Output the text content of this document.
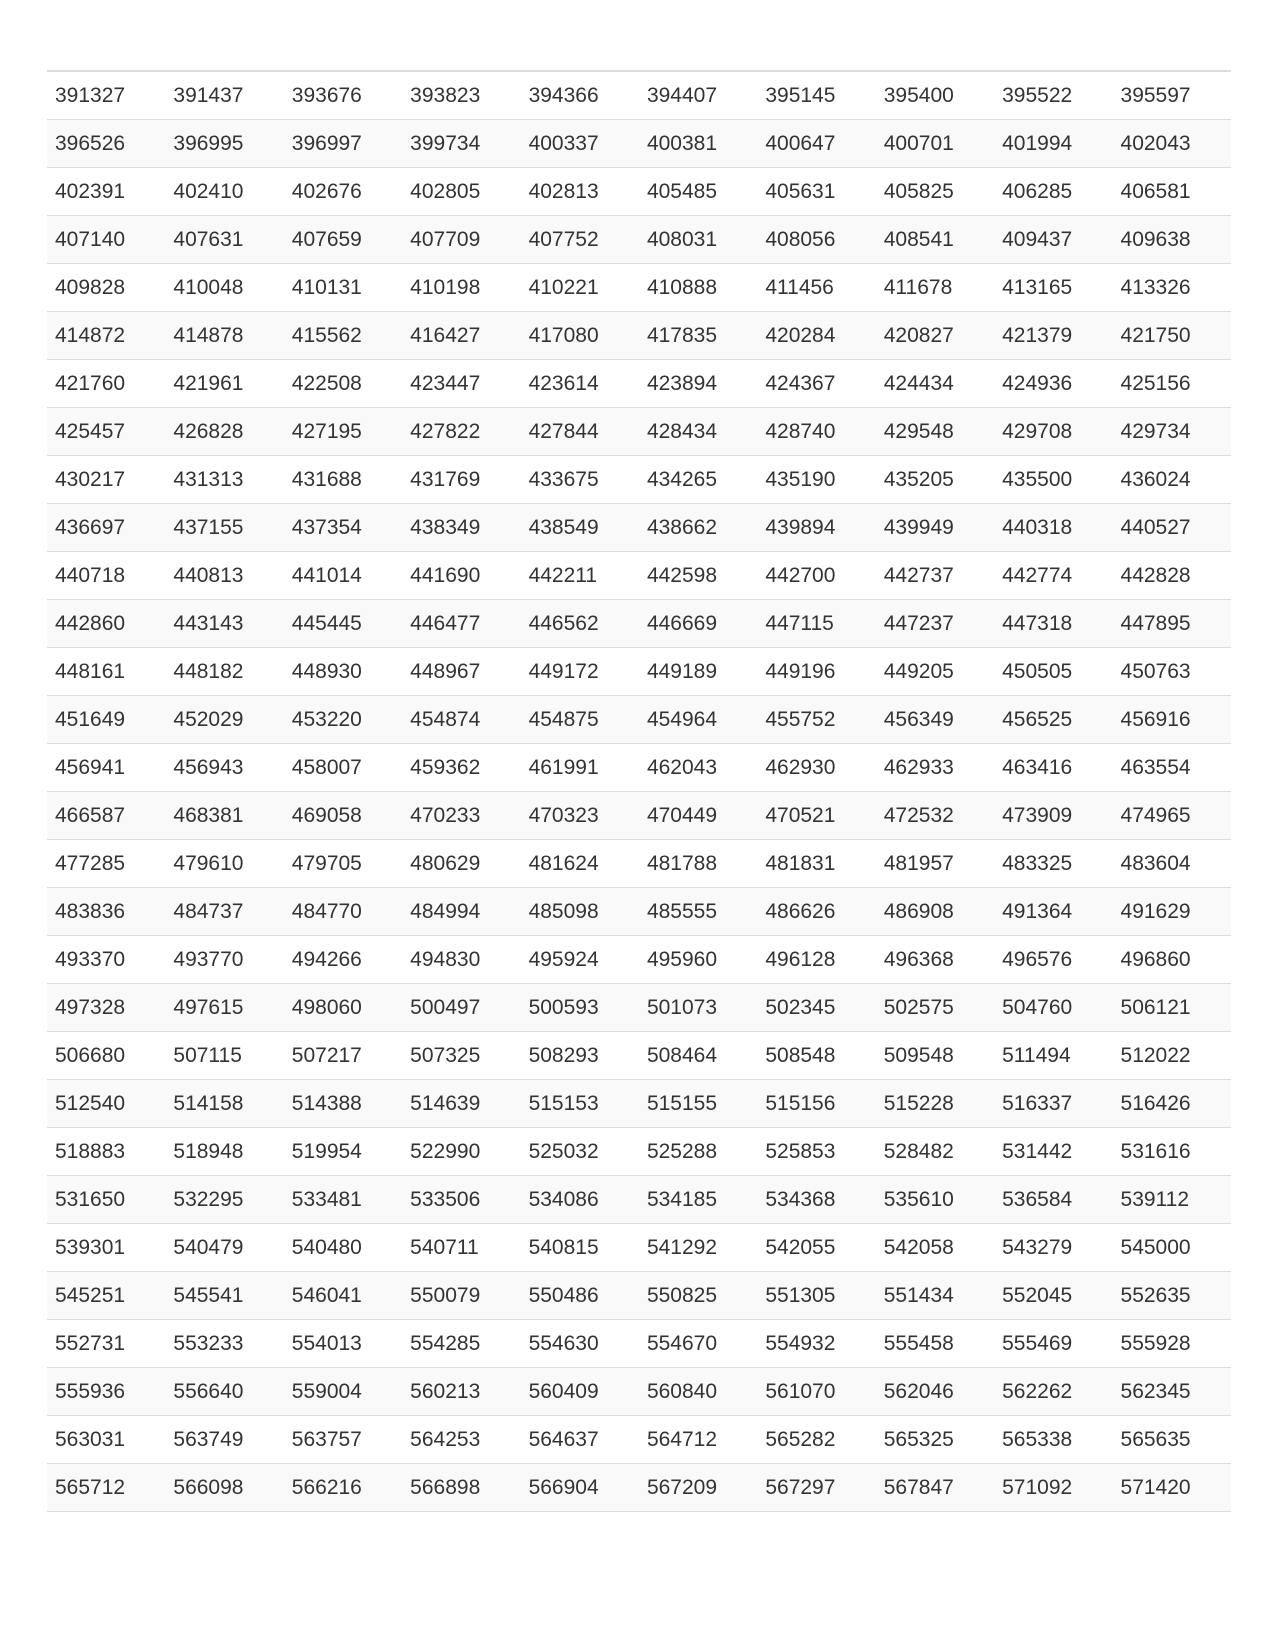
391327	391437	393676	393823	394366	394407	395145	395400	395522	395597
396526	396995	396997	399734	400337	400381	400647	400701	401994	402043
402391	402410	402676	402805	402813	405485	405631	405825	406285	406581
407140	407631	407659	407709	407752	408031	408056	408541	409437	409638
409828	410048	410131	410198	410221	410888	411456	411678	413165	413326
414872	414878	415562	416427	417080	417835	420284	420827	421379	421750
421760	421961	422508	423447	423614	423894	424367	424434	424936	425156
425457	426828	427195	427822	427844	428434	428740	429548	429708	429734
430217	431313	431688	431769	433675	434265	435190	435205	435500	436024
436697	437155	437354	438349	438549	438662	439894	439949	440318	440527
440718	440813	441014	441690	442211	442598	442700	442737	442774	442828
442860	443143	445445	446477	446562	446669	447115	447237	447318	447895
448161	448182	448930	448967	449172	449189	449196	449205	450505	450763
451649	452029	453220	454874	454875	454964	455752	456349	456525	456916
456941	456943	458007	459362	461991	462043	462930	462933	463416	463554
466587	468381	469058	470233	470323	470449	470521	472532	473909	474965
477285	479610	479705	480629	481624	481788	481831	481957	483325	483604
483836	484737	484770	484994	485098	485555	486626	486908	491364	491629
493370	493770	494266	494830	495924	495960	496128	496368	496576	496860
497328	497615	498060	500497	500593	501073	502345	502575	504760	506121
506680	507115	507217	507325	508293	508464	508548	509548	511494	512022
512540	514158	514388	514639	515153	515155	515156	515228	516337	516426
518883	518948	519954	522990	525032	525288	525853	528482	531442	531616
531650	532295	533481	533506	534086	534185	534368	535610	536584	539112
539301	540479	540480	540711	540815	541292	542055	542058	543279	545000
545251	545541	546041	550079	550486	550825	551305	551434	552045	552635
552731	553233	554013	554285	554630	554670	554932	555458	555469	555928
555936	556640	559004	560213	560409	560840	561070	562046	562262	562345
563031	563749	563757	564253	564637	564712	565282	565325	565338	565635
565712	566098	566216	566898	566904	567209	567297	567847	571092	571420
